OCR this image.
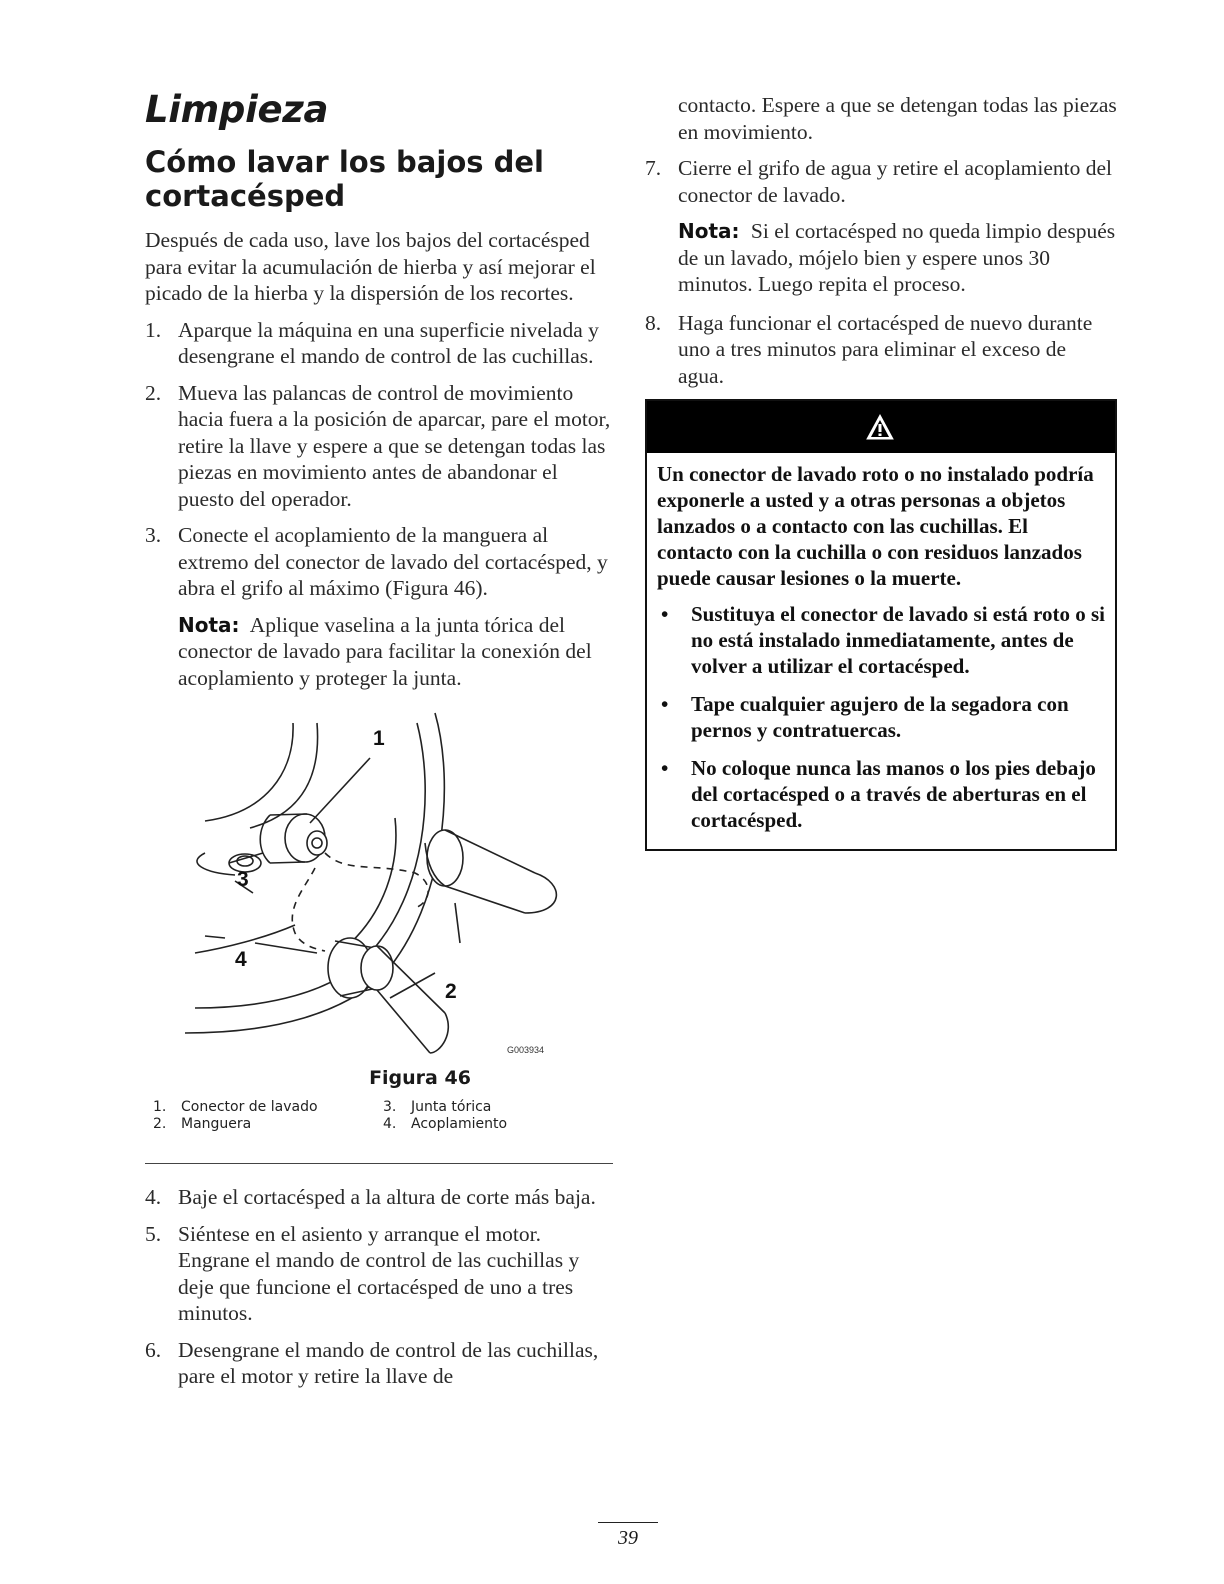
Limpieza
Cómo lavar los bajos del cortacésped

Después de cada uso, lave los bajos del cortacésped para evitar la acumulación de hierba y así mejorar el picado de la hierba y la dispersión de los recortes.

1. Aparque la máquina en una superficie nivelada y desengrane el mando de control de las cuchillas.
2. Mueva las palancas de control de movimiento hacia fuera a la posición de aparcar, pare el motor, retire la llave y espere a que se detengan todas las piezas en movimiento antes de abandonar el puesto del operador.
3. Conecte el acoplamiento de la manguera al extremo del conector de lavado del cortacésped, y abra el grifo al máximo (Figura 46).
Nota: Aplique vaselina a la junta tórica del conector de lavado para facilitar la conexión del acoplamiento y proteger la junta.
1
2
3
4
G003934
Figura 46
1. Conector de lavado	3. Junta tórica
2. Manguera	4. Acoplamiento
4. Baje el cortacésped a la altura de corte más baja.
5. Siéntese en el asiento y arranque el motor. Engrane el mando de control de las cuchillas y deje que funcione el cortacésped de uno a tres minutos.
6. Desengrane el mando de control de las cuchillas, pare el motor y retire la llave de
contacto. Espere a que se detengan todas las piezas en movimiento.
7. Cierre el grifo de agua y retire el acoplamiento del conector de lavado.
Nota: Si el cortacésped no queda limpio después de un lavado, mójelo bien y espere unos 30 minutos. Luego repita el proceso.
8. Haga funcionar el cortacésped de nuevo durante uno a tres minutos para eliminar el exceso de agua.

Un conector de lavado roto o no instalado podría exponerle a usted y a otras personas a objetos lanzados o a contacto con las cuchillas. El contacto con la cuchilla o con residuos lanzados puede causar lesiones o la muerte.

• Sustituya el conector de lavado si está roto o si no está instalado inmediatamente, antes de volver a utilizar el cortacésped.
• Tape cualquier agujero de la segadora con pernos y contratuercas.
• No coloque nunca las manos o los pies debajo del cortacésped o a través de aberturas en el cortacésped.
39
